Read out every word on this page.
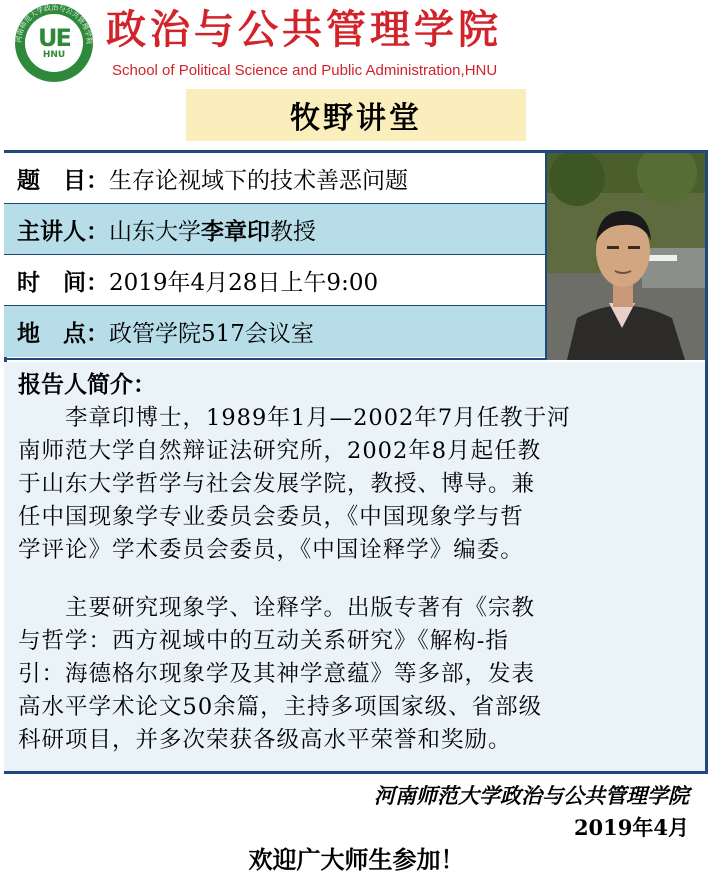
河南师范大学政治与公共管理学院
UE
HNU
政治与公共管理学院
School of Political Science and Public Administration,HNU
牧野讲堂
题　目： 生存论视域下的技术善恶问题
主讲人： 山东大学 李章印 教授
时　间： 2019年4月28日上午9:00
地　点： 政管学院517会议室
报告人简介：
　　李章印博士，1989年1月—2002年7月任教于河
南师范大学自然辩证法研究所，2002年8月起任教
于山东大学哲学与社会发展学院，教授、博导。兼
任中国现象学专业委员会委员，《中国现象学与哲
学评论》学术委员会委员，《中国诠释学》编委。
　　主要研究现象学、诠释学。出版专著有《宗教
与哲学：西方视域中的互动关系研究》《解构-指
引：海德格尔现象学及其神学意蕴》等多部，发表
高水平学术论文50余篇，主持多项国家级、省部级
科研项目，并多次荣获各级高水平荣誉和奖励。
河南师范大学政治与公共管理学院
2019年4月
欢迎广大师生参加！
